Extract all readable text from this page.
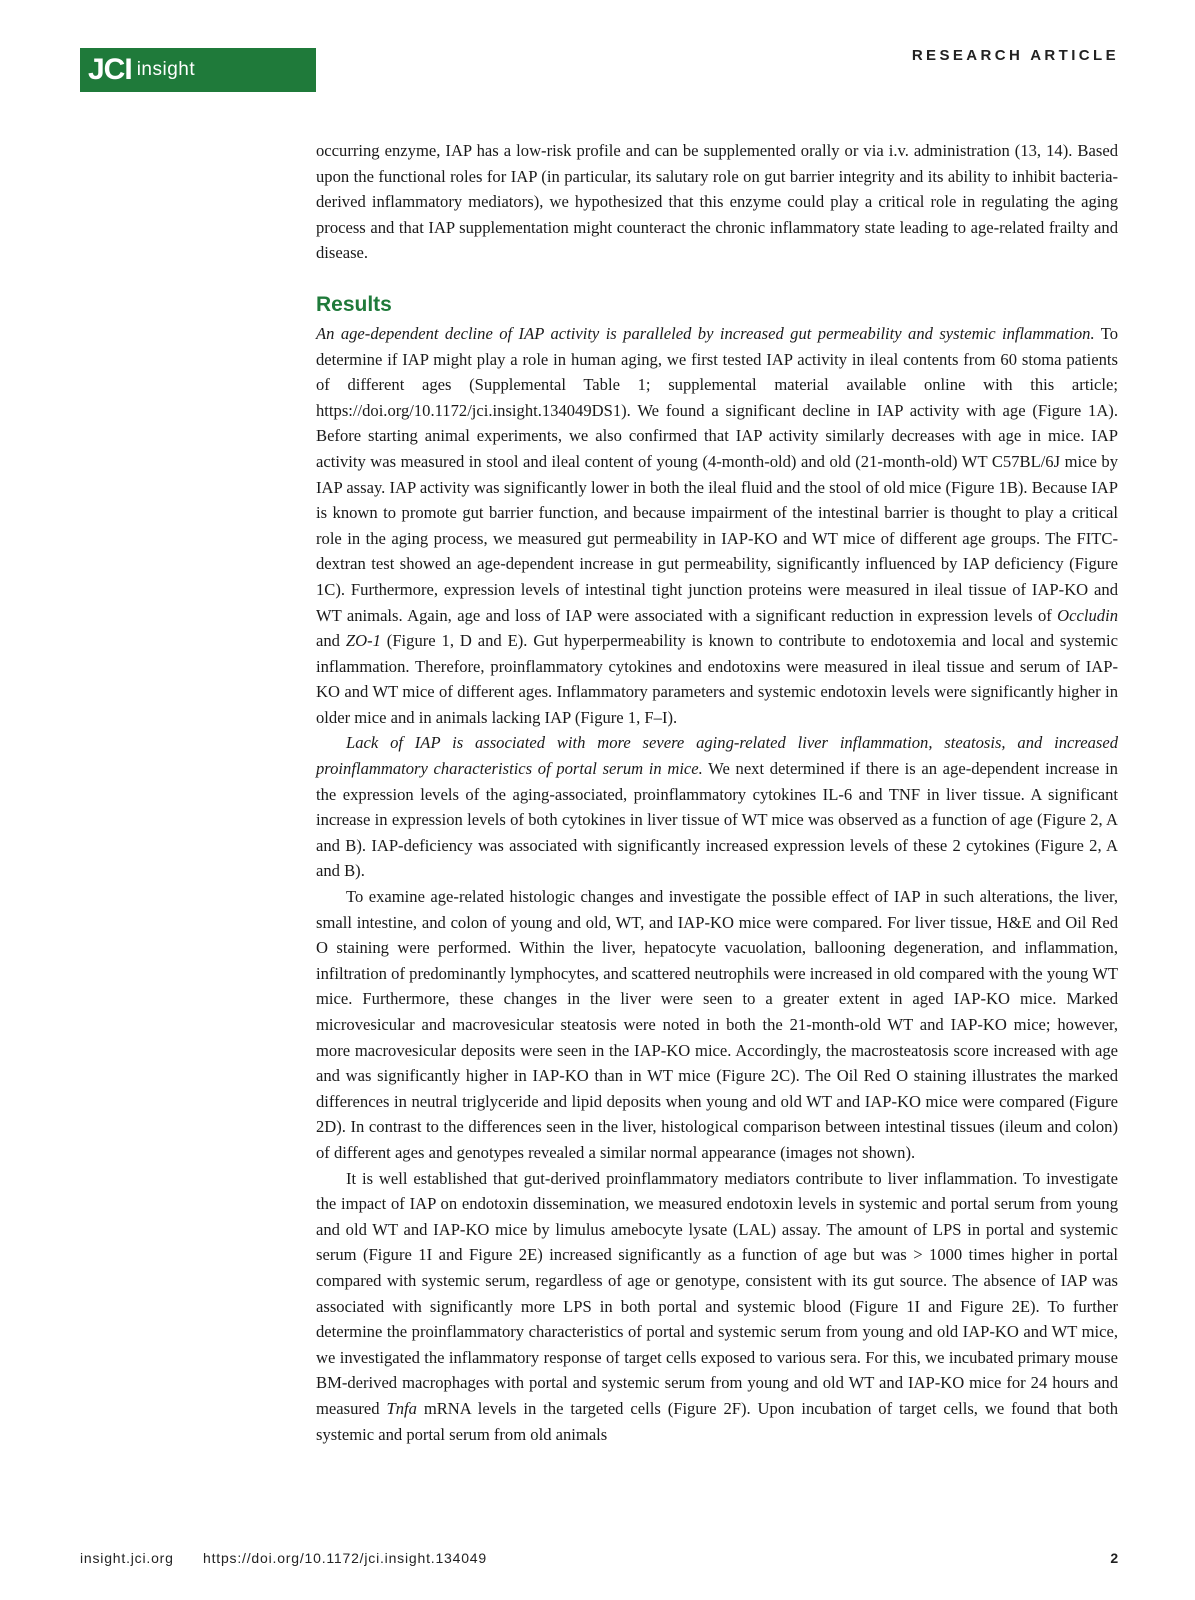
JCI insight
RESEARCH ARTICLE

occurring enzyme, IAP has a low-risk profile and can be supplemented orally or via i.v. administration (13, 14). Based upon the functional roles for IAP (in particular, its salutary role on gut barrier integrity and its ability to inhibit bacteria-derived inflammatory mediators), we hypothesized that this enzyme could play a critical role in regulating the aging process and that IAP supplementation might counteract the chronic inflammatory state leading to age-related frailty and disease.

Results

An age-dependent decline of IAP activity is paralleled by increased gut permeability and systemic inflammation. To determine if IAP might play a role in human aging, we first tested IAP activity in ileal contents from 60 stoma patients of different ages (Supplemental Table 1; supplemental material available online with this article; https://doi.org/10.1172/jci.insight.134049DS1). We found a significant decline in IAP activity with age (Figure 1A). Before starting animal experiments, we also confirmed that IAP activity similarly decreases with age in mice. IAP activity was measured in stool and ileal content of young (4-month-old) and old (21-month-old) WT C57BL/6J mice by IAP assay. IAP activity was significantly lower in both the ileal fluid and the stool of old mice (Figure 1B). Because IAP is known to promote gut barrier function, and because impairment of the intestinal barrier is thought to play a critical role in the aging process, we measured gut permeability in IAP-KO and WT mice of different age groups. The FITC-dextran test showed an age-dependent increase in gut permeability, significantly influenced by IAP deficiency (Figure 1C). Furthermore, expression levels of intestinal tight junction proteins were measured in ileal tissue of IAP-KO and WT animals. Again, age and loss of IAP were associated with a significant reduction in expression levels of Occludin and ZO-1 (Figure 1, D and E). Gut hyperpermeability is known to contribute to endotoxemia and local and systemic inflammation. Therefore, proinflammatory cytokines and endotoxins were measured in ileal tissue and serum of IAP-KO and WT mice of different ages. Inflammatory parameters and systemic endotoxin levels were significantly higher in older mice and in animals lacking IAP (Figure 1, F–I).

Lack of IAP is associated with more severe aging-related liver inflammation, steatosis, and increased proinflammatory characteristics of portal serum in mice. We next determined if there is an age-dependent increase in the expression levels of the aging-associated, proinflammatory cytokines IL-6 and TNF in liver tissue. A significant increase in expression levels of both cytokines in liver tissue of WT mice was observed as a function of age (Figure 2, A and B). IAP-deficiency was associated with significantly increased expression levels of these 2 cytokines (Figure 2, A and B).

To examine age-related histologic changes and investigate the possible effect of IAP in such alterations, the liver, small intestine, and colon of young and old, WT, and IAP-KO mice were compared. For liver tissue, H&E and Oil Red O staining were performed. Within the liver, hepatocyte vacuolation, ballooning degeneration, and inflammation, infiltration of predominantly lymphocytes, and scattered neutrophils were increased in old compared with the young WT mice. Furthermore, these changes in the liver were seen to a greater extent in aged IAP-KO mice. Marked microvesicular and macrovesicular steatosis were noted in both the 21-month-old WT and IAP-KO mice; however, more macrovesicular deposits were seen in the IAP-KO mice. Accordingly, the macrosteatosis score increased with age and was significantly higher in IAP-KO than in WT mice (Figure 2C). The Oil Red O staining illustrates the marked differences in neutral triglyceride and lipid deposits when young and old WT and IAP-KO mice were compared (Figure 2D). In contrast to the differences seen in the liver, histological comparison between intestinal tissues (ileum and colon) of different ages and genotypes revealed a similar normal appearance (images not shown).

It is well established that gut-derived proinflammatory mediators contribute to liver inflammation. To investigate the impact of IAP on endotoxin dissemination, we measured endotoxin levels in systemic and portal serum from young and old WT and IAP-KO mice by limulus amebocyte lysate (LAL) assay. The amount of LPS in portal and systemic serum (Figure 1I and Figure 2E) increased significantly as a function of age but was > 1000 times higher in portal compared with systemic serum, regardless of age or genotype, consistent with its gut source. The absence of IAP was associated with significantly more LPS in both portal and systemic blood (Figure 1I and Figure 2E). To further determine the proinflammatory characteristics of portal and systemic serum from young and old IAP-KO and WT mice, we investigated the inflammatory response of target cells exposed to various sera. For this, we incubated primary mouse BM-derived macrophages with portal and systemic serum from young and old WT and IAP-KO mice for 24 hours and measured Tnfa mRNA levels in the targeted cells (Figure 2F). Upon incubation of target cells, we found that both systemic and portal serum from old animals

insight.jci.org https://doi.org/10.1172/jci.insight.134049	2
